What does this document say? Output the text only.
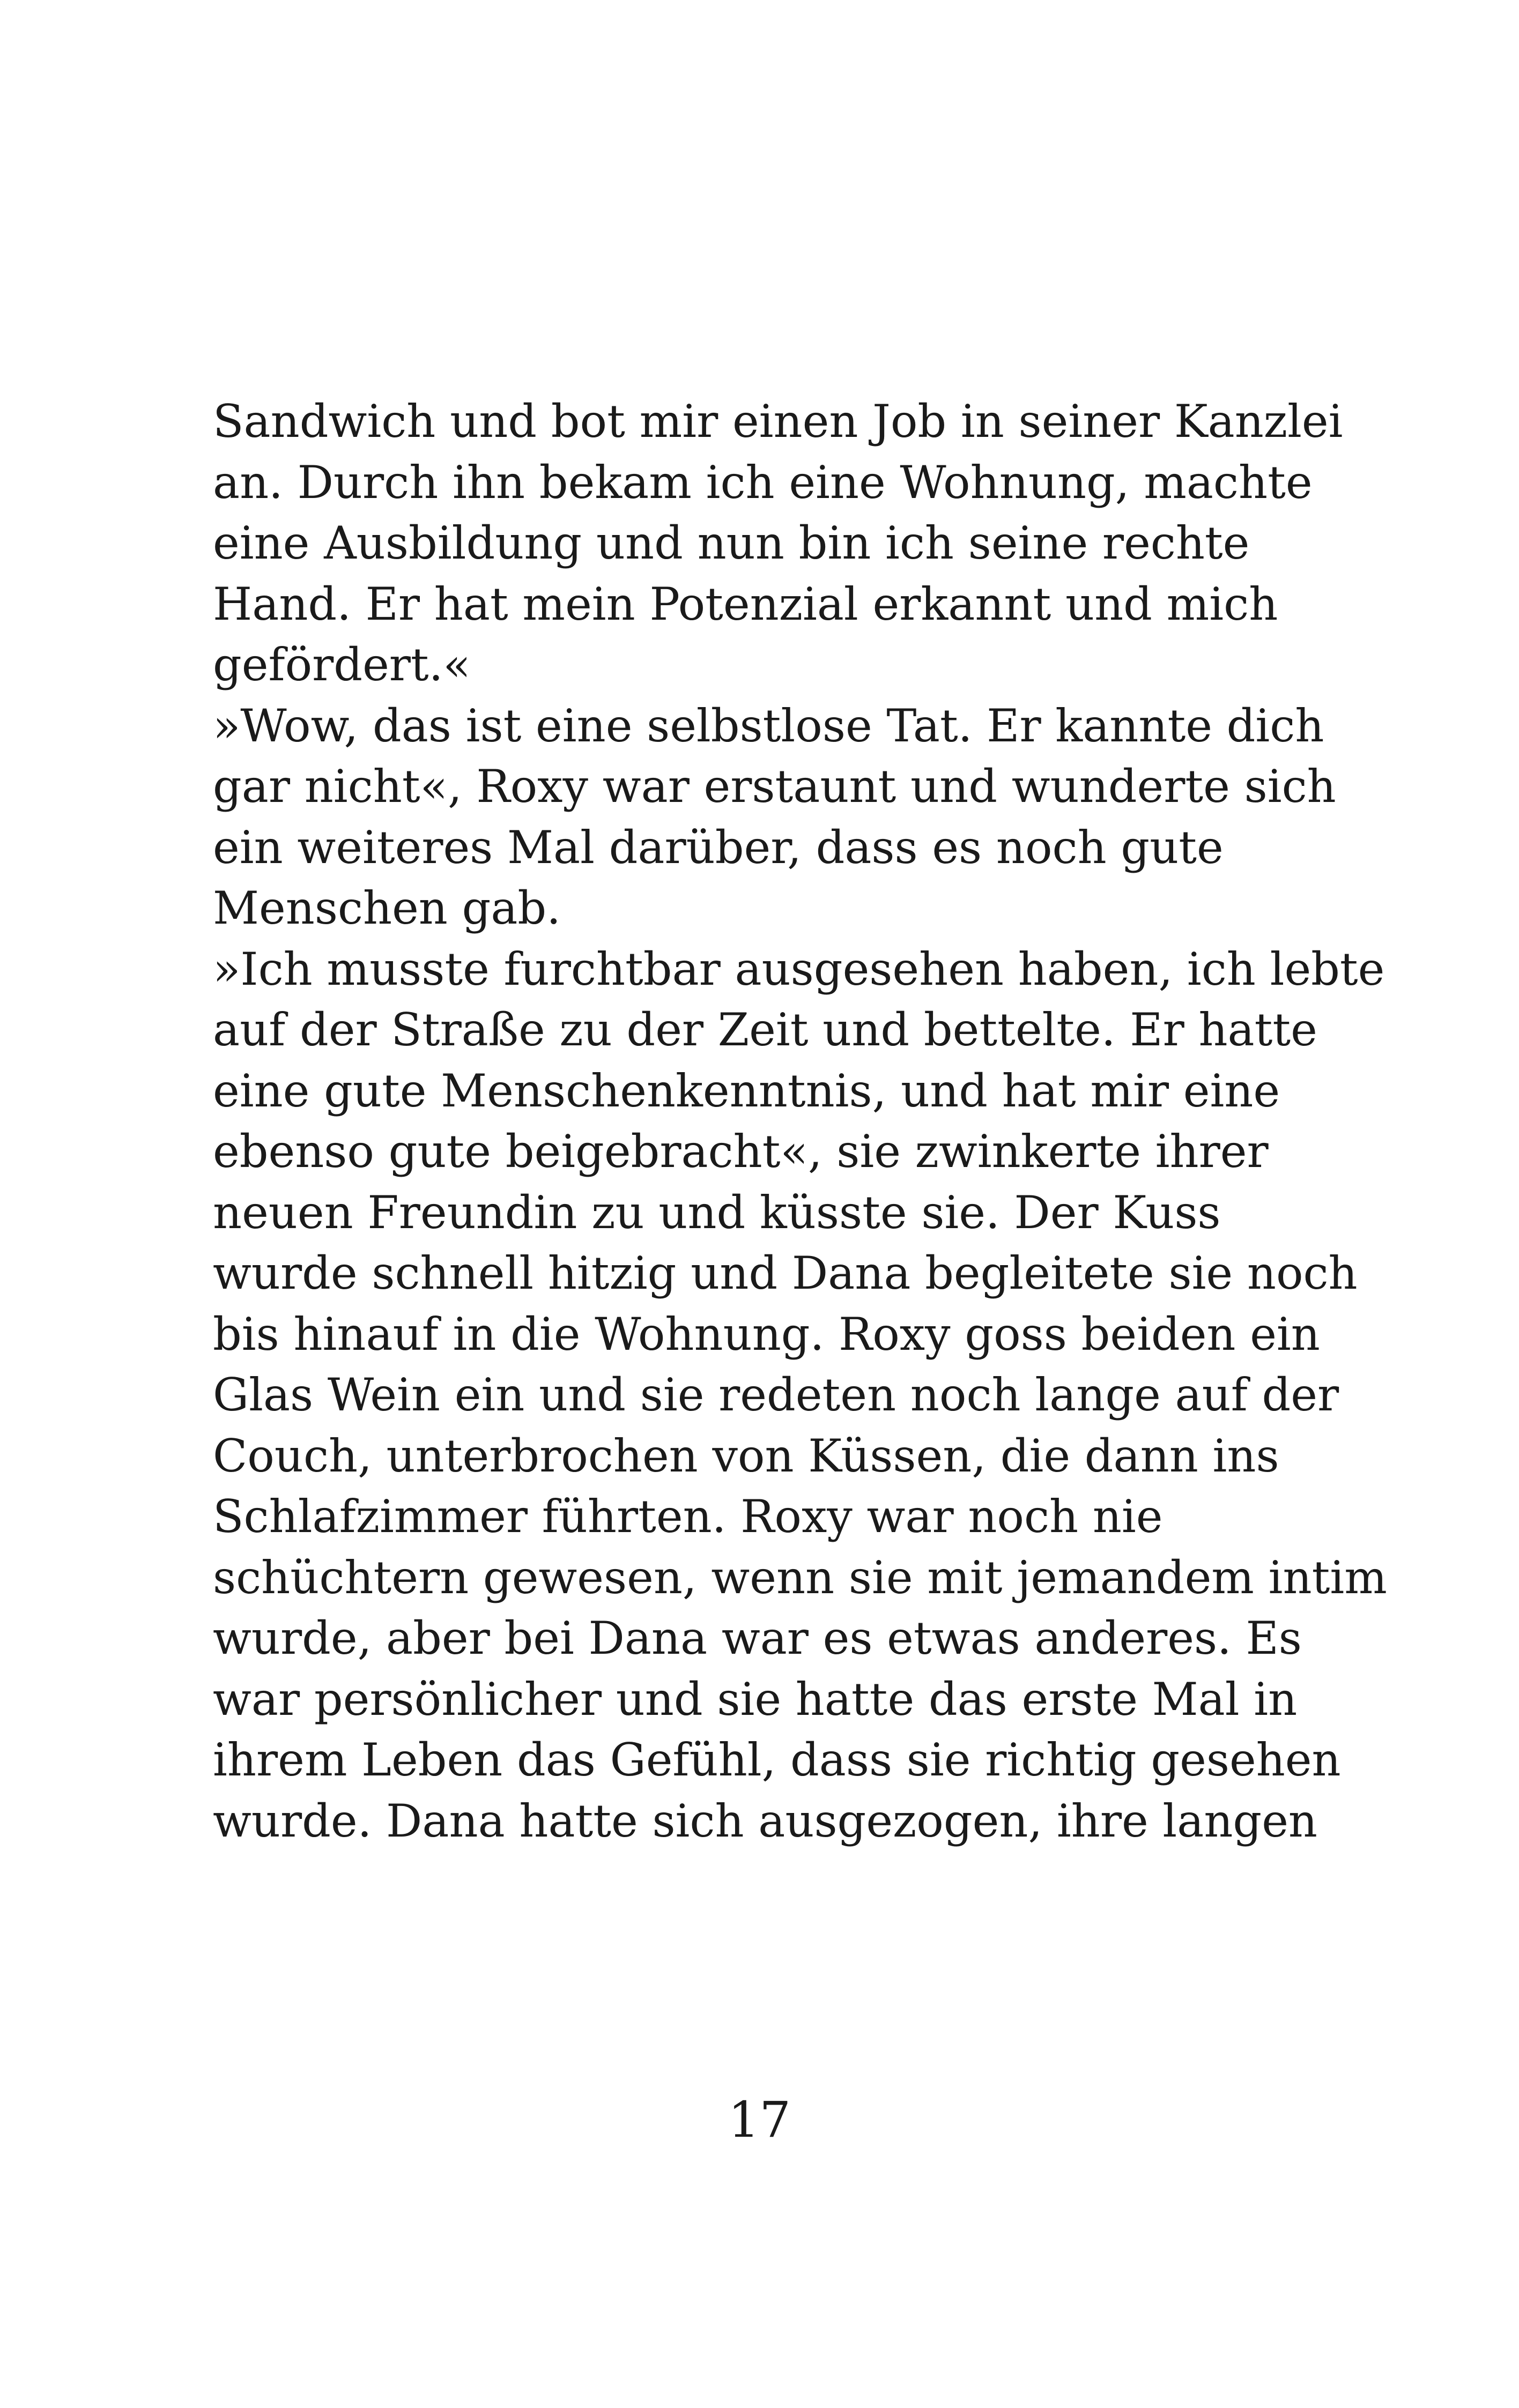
Sandwich und bot mir einen Job in seiner Kanzlei
an. Durch ihn bekam ich eine Wohnung, machte
eine Ausbildung und nun bin ich seine rechte
Hand. Er hat mein Potenzial erkannt und mich
gefördert.«
»Wow, das ist eine selbstlose Tat. Er kannte dich
gar nicht«, Roxy war erstaunt und wunderte sich
ein weiteres Mal darüber, dass es noch gute
Menschen gab.
»Ich musste furchtbar ausgesehen haben, ich lebte
auf der Straße zu der Zeit und bettelte. Er hatte
eine gute Menschenkenntnis, und hat mir eine
ebenso gute beigebracht«, sie zwinkerte ihrer
neuen Freundin zu und küsste sie. Der Kuss
wurde schnell hitzig und Dana begleitete sie noch
bis hinauf in die Wohnung. Roxy goss beiden ein
Glas Wein ein und sie redeten noch lange auf der
Couch, unterbrochen von Küssen, die dann ins
Schlafzimmer führten. Roxy war noch nie
schüchtern gewesen, wenn sie mit jemandem intim
wurde, aber bei Dana war es etwas anderes. Es
war persönlicher und sie hatte das erste Mal in
ihrem Leben das Gefühl, dass sie richtig gesehen
wurde. Dana hatte sich ausgezogen, ihre langen
17
